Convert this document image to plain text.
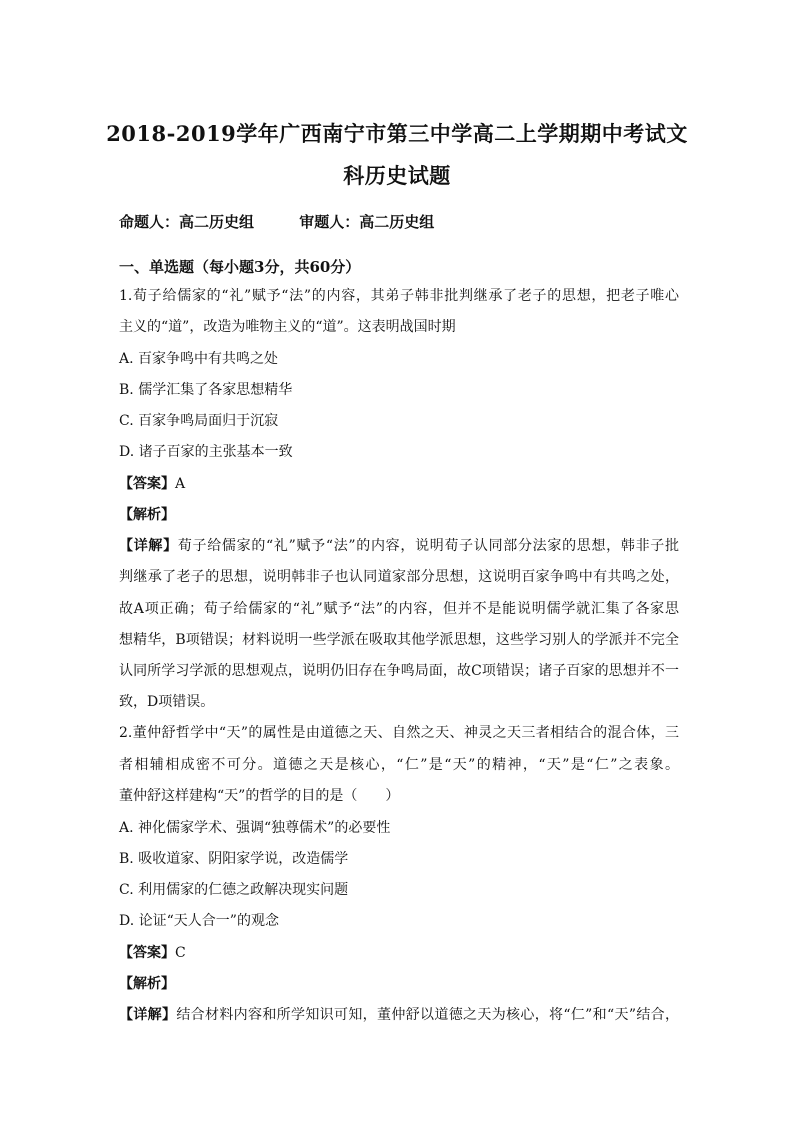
2018-2019学年广西南宁市第三中学高二上学期期中考试文
科历史试题
命题人：高二历史组	审题人：高二历史组
一、单选题（每小题3分，共60分）
1.荀子给儒家的“礼”赋予“法”的内容，其弟子韩非批判继承了老子的思想，把老子唯心
主义的“道”，改造为唯物主义的“道”。这表明战国时期
A. 百家争鸣中有共鸣之处
B. 儒学汇集了各家思想精华
C. 百家争鸣局面归于沉寂
D. 诸子百家的主张基本一致
【答案】A
【解析】
【详解】荀子给儒家的“礼”赋予“法”的内容，说明荀子认同部分法家的思想，韩非子批
判继承了老子的思想，说明韩非子也认同道家部分思想，这说明百家争鸣中有共鸣之处，
故A项正确；荀子给儒家的“礼”赋予“法”的内容，但并不是能说明儒学就汇集了各家思
想精华，B项错误；材料说明一些学派在吸取其他学派思想，这些学习别人的学派并不完全
认同所学习学派的思想观点，说明仍旧存在争鸣局面，故C项错误；诸子百家的思想并不一
致，D项错误。
2.董仲舒哲学中“天”的属性是由道德之天、自然之天、神灵之天三者相结合的混合体，三
者相辅相成密不可分。道德之天是核心，“仁”是“天”的精神，“天”是“仁”之表象。
董仲舒这样建构“天”的哲学的目的是（　　）
A. 神化儒家学术、强调“独尊儒术”的必要性
B. 吸收道家、阴阳家学说，改造儒学
C. 利用儒家的仁德之政解决现实问题
D. 论证“天人合一”的观念
【答案】C
【解析】
【详解】结合材料内容和所学知识可知，董仲舒以道德之天为核心，将“仁”和“天”结合，
